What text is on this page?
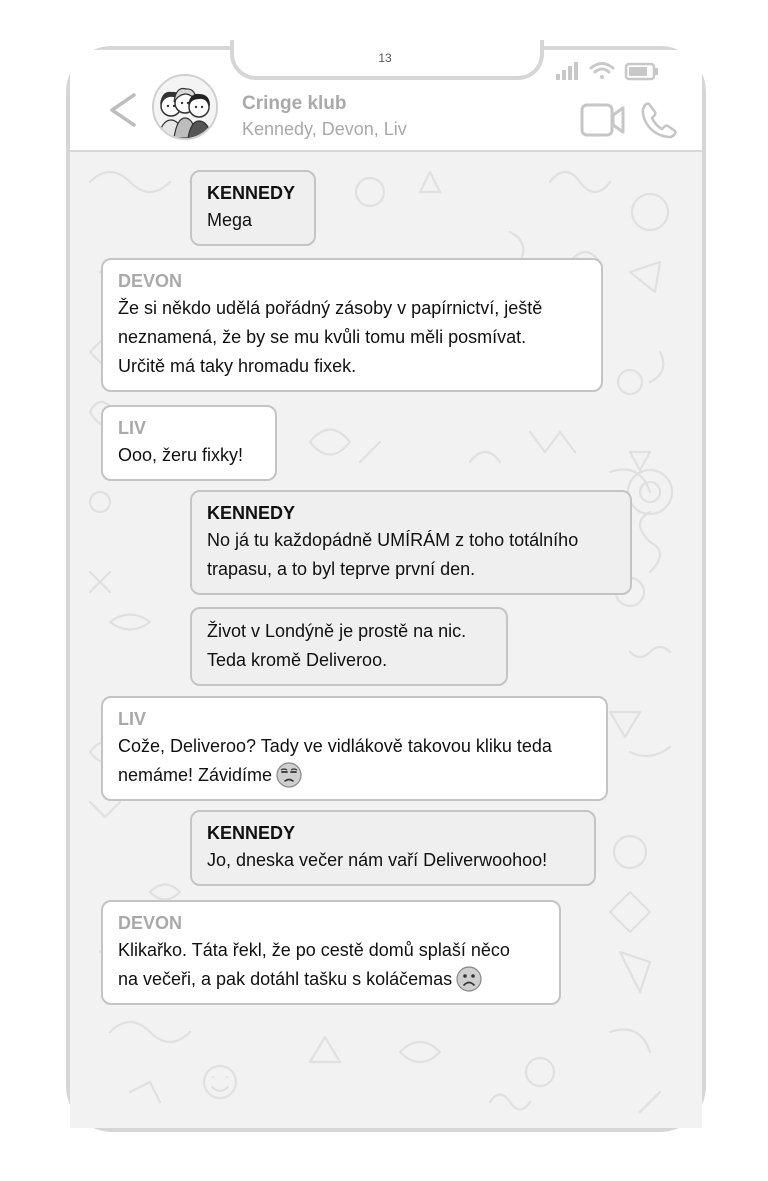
13
Cringe klub
Kennedy, Devon, Liv
KENNEDY
Mega
DEVON
Že si někdo udělá pořádný zásoby v papírnictví, ještě
neznamená, že by se mu kvůli tomu měli posmívat.
Určitě má taky hromadu fixek.
LIV
Ooo, žeru fixky!
KENNEDY
No já tu každopádně UMÍRÁM z toho totálního
trapasu, a to byl teprve první den.
Život v Londýně je prostě na nic.
Teda kromě Deliveroo.
LIV
Cože, Deliveroo? Tady ve vidlákově takovou kliku teda
nemáme! Závidíme
KENNEDY
Jo, dneska večer nám vaří Deliverwoohoo!
DEVON
Klikařko. Táta řekl, že po cestě domů splaší něco
na večeři, a pak dotáhl tašku s koláčemas
